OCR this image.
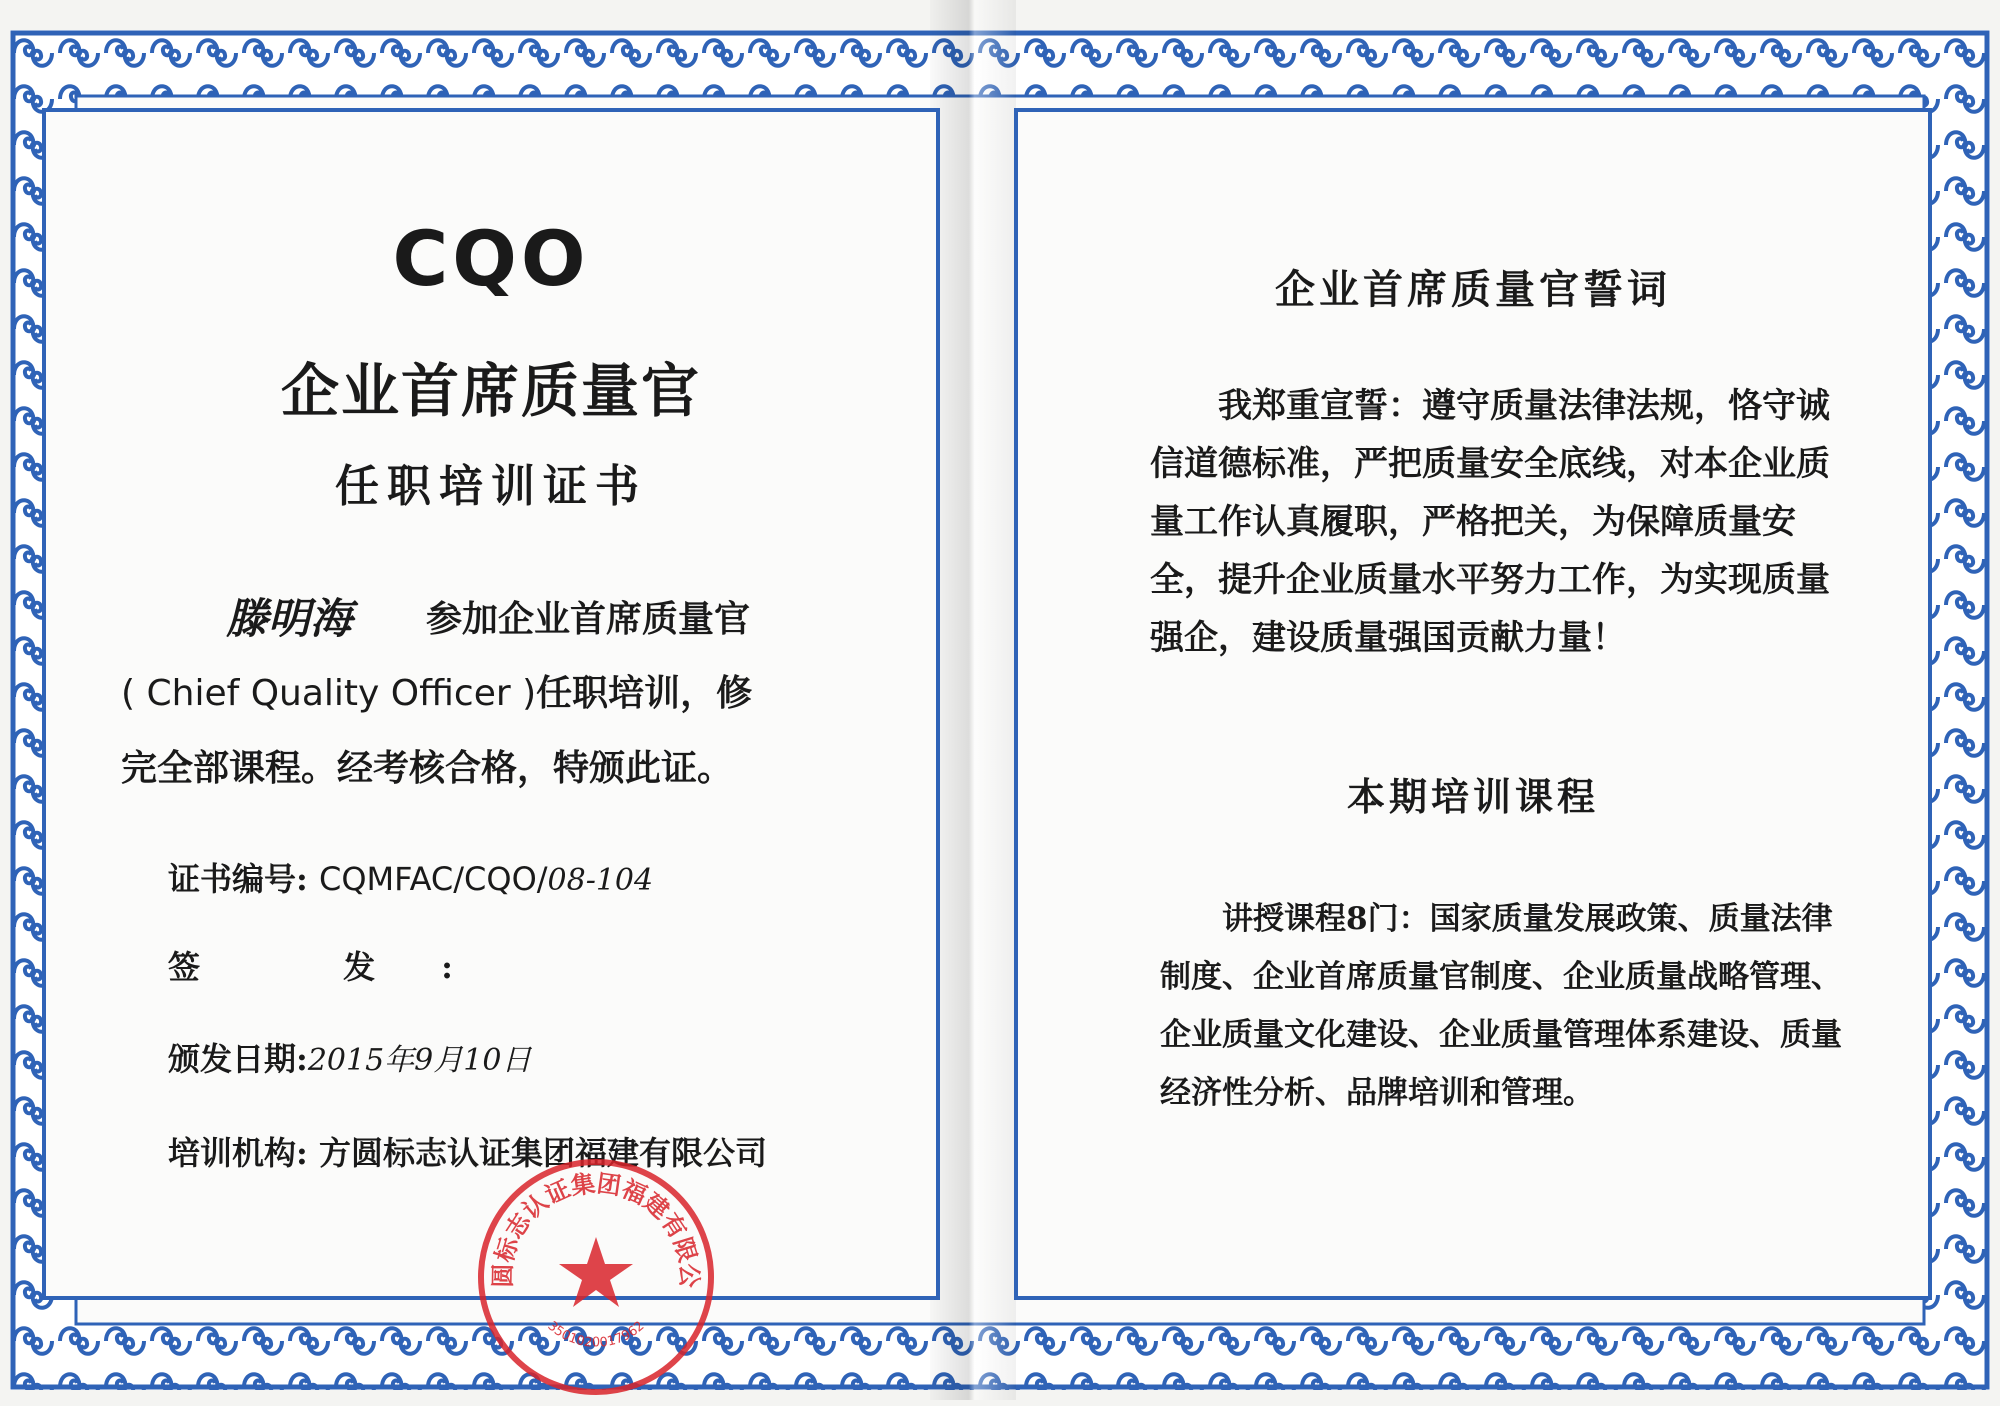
CQO
企业首席质量官
任职培训证书
滕明海 参加企业首席质量官
( Chief Quality Officer )任职培训，修
完全部课程。经考核合格，特颁此证。
证书编号: CQMFAC/CQO/08-104
签 发:
颁发日期:2015年9月10日
培训机构: 方圆标志认证集团福建有限公司
圆标志认证集团福建有限公
3501020017962
企业首席质量官誓词
我郑重宣誓：遵守质量法律法规，恪守诚信道德标准，严把质量安全底线，对本企业质量工作认真履职，严格把关，为保障质量安全，提升企业质量水平努力工作，为实现质量强企，建设质量强国贡献力量！
本期培训课程
讲授课程8门：国家质量发展政策、质量法律制度、企业首席质量官制度、企业质量战略管理、企业质量文化建设、企业质量管理体系建设、质量经济性分析、品牌培训和管理。
